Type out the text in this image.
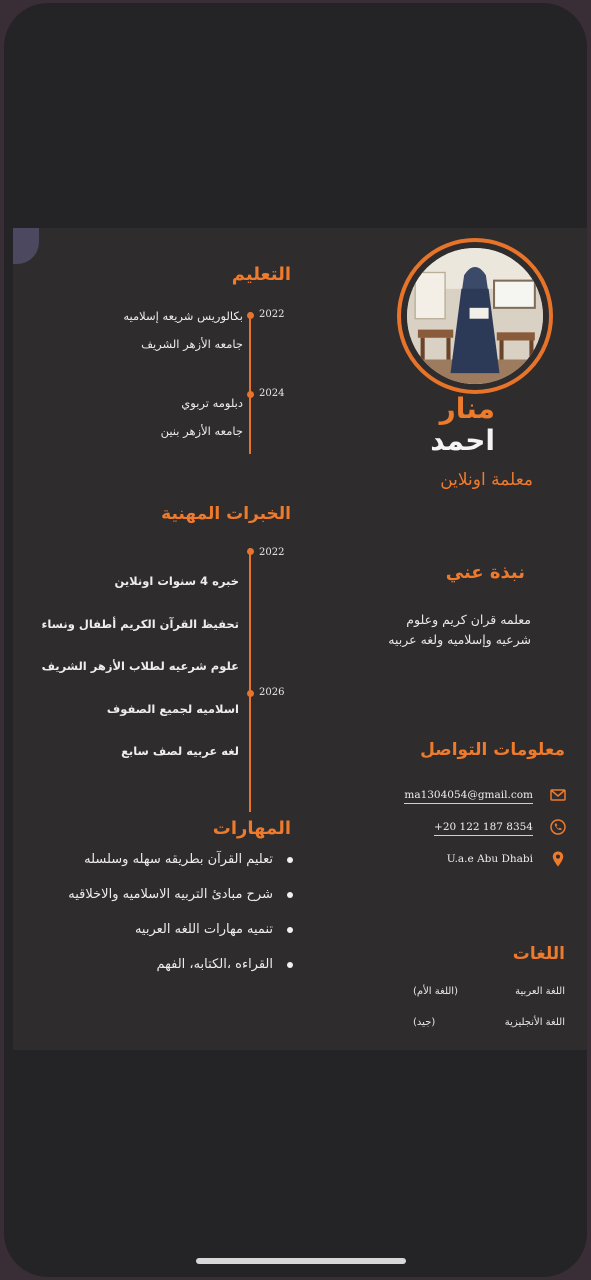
منار
احمد
معلمة اونلاين
نبذة عني
معلمه قران كريم وعلوم شرعيه وإسلاميه ولغه عربيه
معلومات التواصل
ma1304054@gmail.com
+20 122 187 8354
U.a.e Abu Dhabi
اللغات
اللغة العربية
(اللغة الأم)
اللغة الأنجليزية
(جيد)
التعليم
2022
بكالوريس شريعه إسلاميه
جامعه الأزهر الشريف
2024
دبلومه تربوي
جامعه الأزهر بنين
الخبرات المهنية
2022
2026
خبره 4 سنوات اونلاين
تحفيظ القرآن الكريم أطفال ونساء
علوم شرعيه لطلاب الأزهر الشريف
اسلاميه لجميع الصفوف
لغه عربيه لصف سابع
المهارات
تعليم القرآن بطريقه سهله وسلسله
شرح مبادئ التربيه الاسلاميه والاخلاقيه
تنميه مهارات اللغه العربيه
القراءه ،الكتابه، الفهم
